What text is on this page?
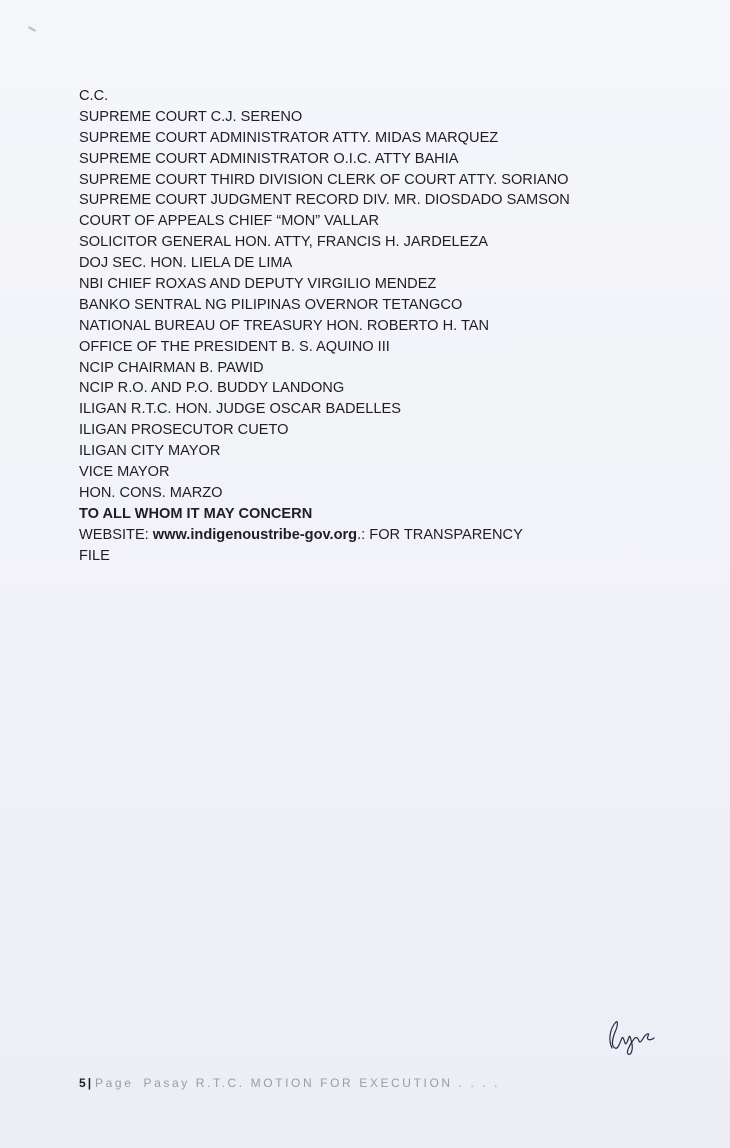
C.C.
SUPREME COURT C.J. SERENO
SUPREME COURT ADMINISTRATOR ATTY. MIDAS MARQUEZ
SUPREME COURT ADMINISTRATOR O.I.C. ATTY BAHIA
SUPREME COURT THIRD DIVISION CLERK OF COURT ATTY. SORIANO
SUPREME COURT JUDGMENT RECORD DIV. MR. DIOSDADO SAMSON
COURT OF APPEALS CHIEF “MON” VALLAR
SOLICITOR GENERAL HON. ATTY, FRANCIS H. JARDELEZA
DOJ SEC. HON. LIELA DE LIMA
NBI CHIEF ROXAS AND DEPUTY VIRGILIO MENDEZ
BANKO SENTRAL NG PILIPINAS OVERNOR TETANGCO
NATIONAL BUREAU OF TREASURY HON. ROBERTO H. TAN
OFFICE OF THE PRESIDENT B. S. AQUINO III
NCIP CHAIRMAN B. PAWID
NCIP R.O. AND P.O. BUDDY LANDONG
ILIGAN R.T.C. HON. JUDGE OSCAR BADELLES
ILIGAN PROSECUTOR CUETO
ILIGAN CITY MAYOR
VICE MAYOR
HON. CONS. MARZO
TO ALL WHOM IT MAY CONCERN
WEBSITE: www.indigenoustribe-gov.org.: FOR TRANSPARENCY
FILE
5 | Page Pasay R.T.C. MOTION FOR EXECUTION . . . .
